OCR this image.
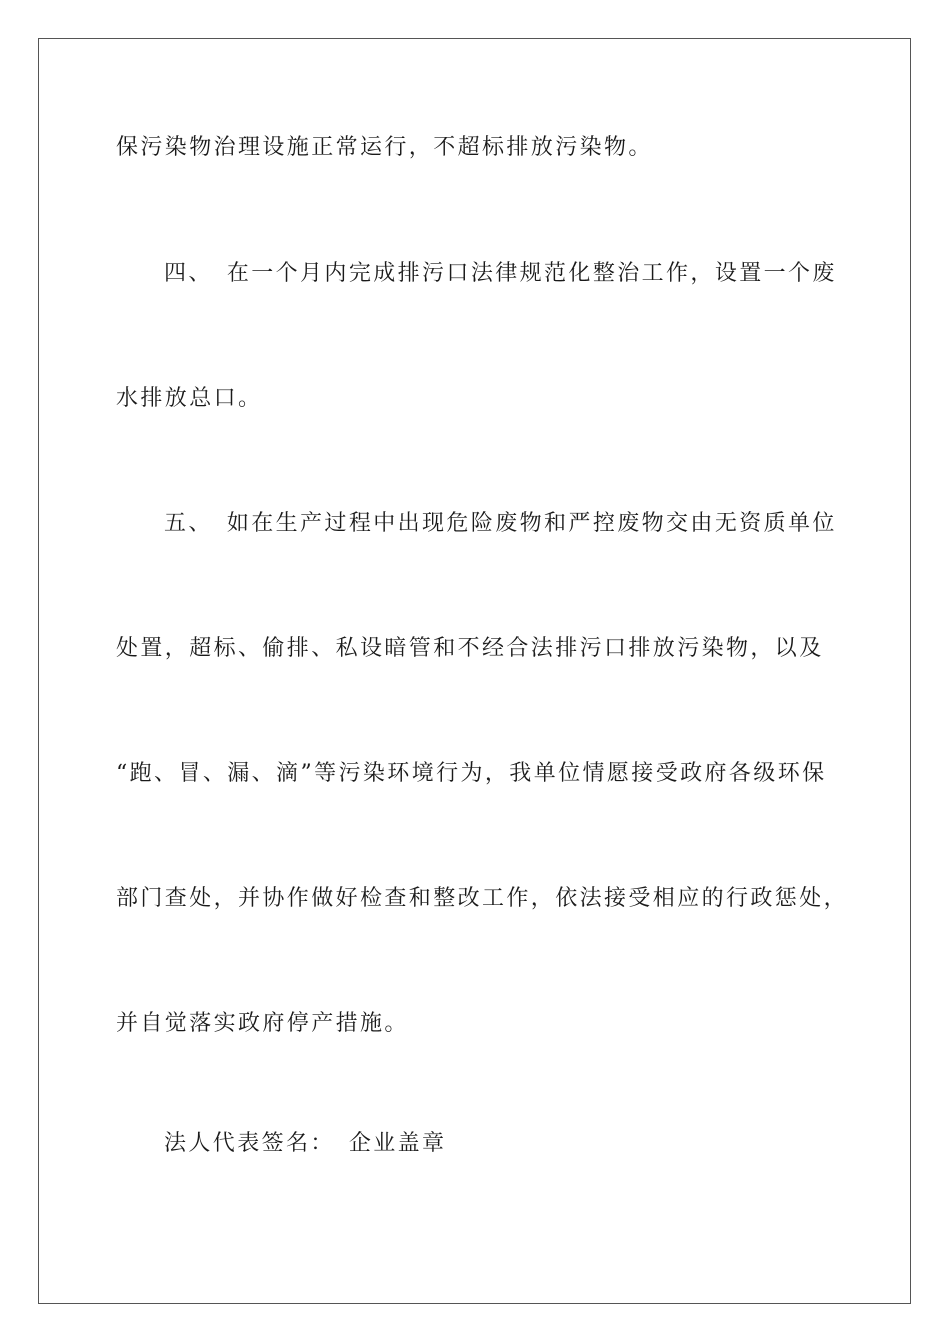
保污染物治理设施正常运行，不超标排放污染物。
四、 在一个月内完成排污口法律规范化整治工作，设置一个废
水排放总口。
五、 如在生产过程中出现危险废物和严控废物交由无资质单位
处置，超标、偷排、私设暗管和不经合法排污口排放污染物，以及
“跑、冒、漏、滴”等污染环境行为，我单位情愿接受政府各级环保
部门查处，并协作做好检查和整改工作，依法接受相应的行政惩处，
并自觉落实政府停产措施。
法人代表签名： 企业盖章
